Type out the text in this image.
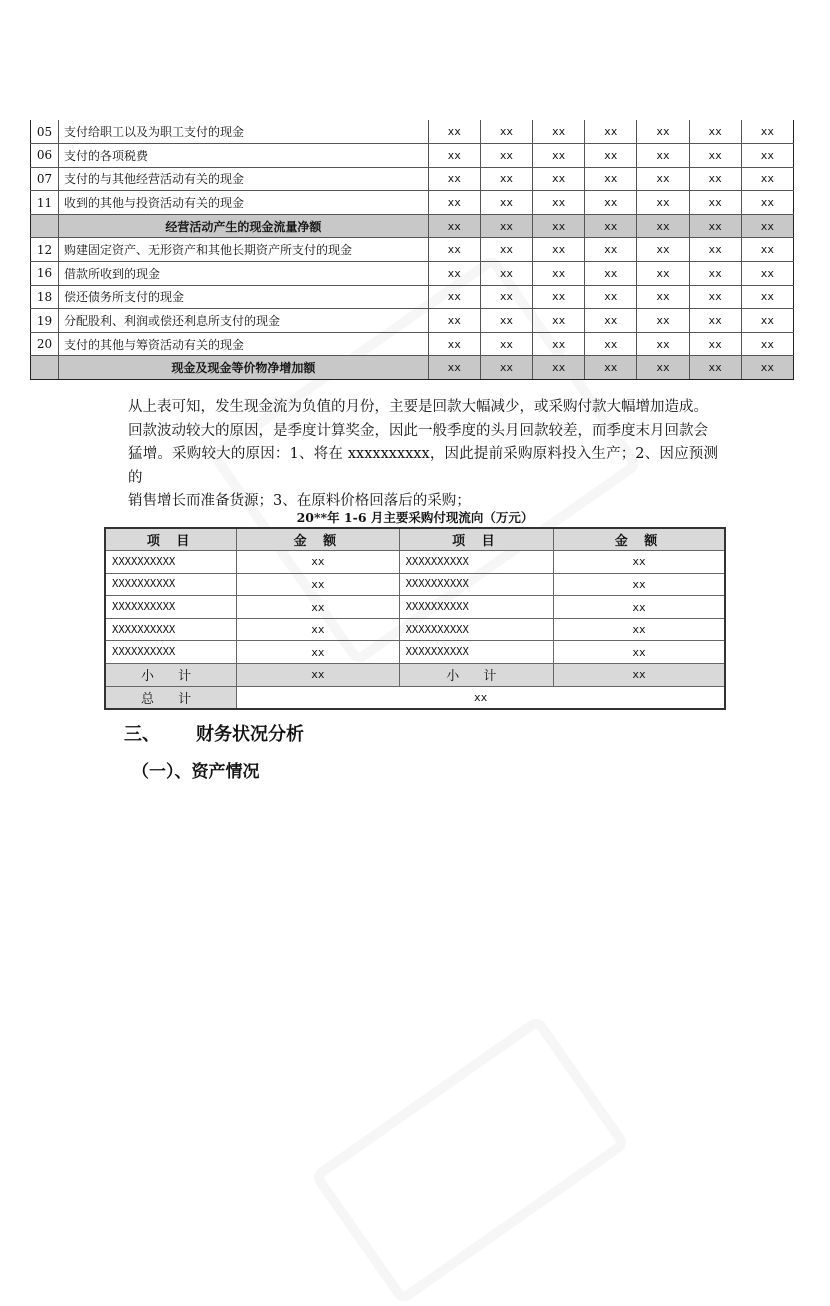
05	支付给职工以及为职工支付的现金	xx	xx	xx	xx	xx	xx	xx
06	支付的各项税费	xx	xx	xx	xx	xx	xx	xx
07	支付的与其他经营活动有关的现金	xx	xx	xx	xx	xx	xx	xx
11	收到的其他与投资活动有关的现金	xx	xx	xx	xx	xx	xx	xx
	经营活动产生的现金流量净额	xx	xx	xx	xx	xx	xx	xx
12	购建固定资产、无形资产和其他长期资产所支付的现金	xx	xx	xx	xx	xx	xx	xx
16	借款所收到的现金	xx	xx	xx	xx	xx	xx	xx
18	偿还债务所支付的现金	xx	xx	xx	xx	xx	xx	xx
19	分配股利、利润或偿还利息所支付的现金	xx	xx	xx	xx	xx	xx	xx
20	支付的其他与筹资活动有关的现金	xx	xx	xx	xx	xx	xx	xx
	现金及现金等价物净增加额	xx	xx	xx	xx	xx	xx	xx
从上表可知，发生现金流为负值的月份，主要是回款大幅减少，或采购付款大幅增加造成。
回款波动较大的原因，是季度计算奖金，因此一般季度的头月回款较差，而季度末月回款会
猛增。采购较大的原因：1、将在 xxxxxxxxxx，因此提前采购原料投入生产；2、因应预测的
销售增长而准备货源；3、在原料价格回落后的采购；
20**年 1-6 月主要采购付现流向（万元）
项 目	金 额	项 目	金 额
XXXXXXXXXX	xx	XXXXXXXXXX	xx
XXXXXXXXXX	xx	XXXXXXXXXX	xx
XXXXXXXXXX	xx	XXXXXXXXXX	xx
XXXXXXXXXX	xx	XXXXXXXXXX	xx
XXXXXXXXXX	xx	XXXXXXXXXX	xx
小 计	xx	小 计	xx
总 计	xx		
三、 财务状况分析
（一）、资产情况
